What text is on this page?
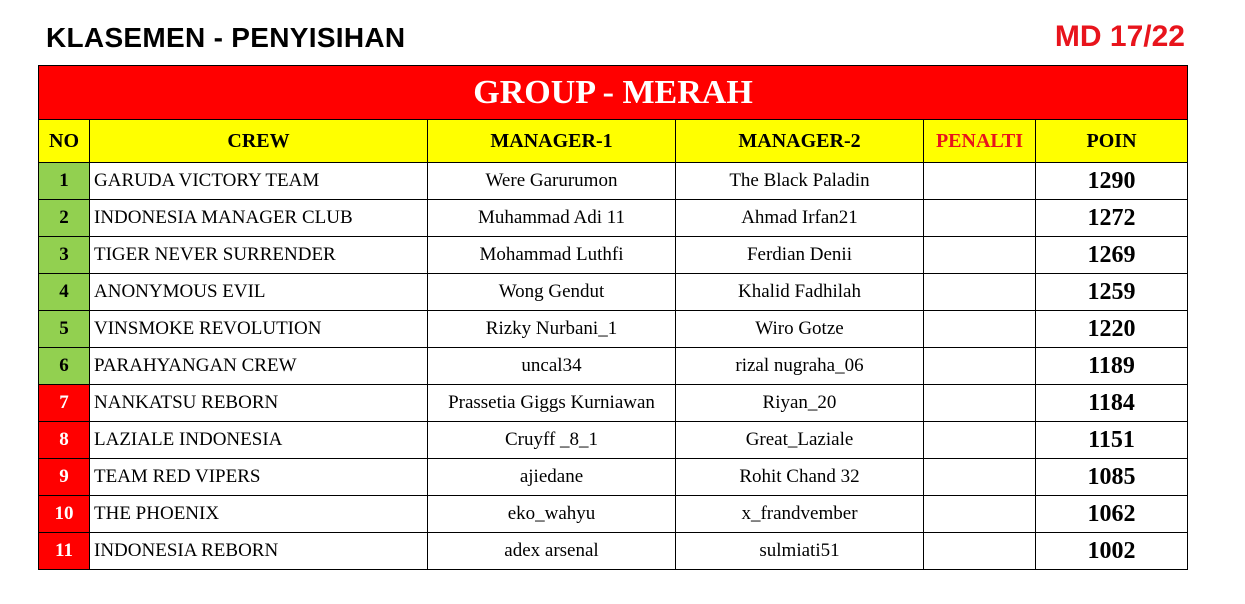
KLASEMEN - PENYISIHAN	MD 17/22
GROUP - MERAH					
NO	CREW	MANAGER-1	MANAGER-2	PENALTI	POIN
1	GARUDA VICTORY TEAM	Were Garurumon	The Black Paladin		1290
2	INDONESIA MANAGER CLUB	Muhammad Adi 11	Ahmad Irfan21		1272
3	TIGER NEVER SURRENDER	Mohammad Luthfi	Ferdian Denii		1269
4	ANONYMOUS EVIL	Wong Gendut	Khalid Fadhilah		1259
5	VINSMOKE REVOLUTION	Rizky Nurbani_1	Wiro Gotze		1220
6	PARAHYANGAN CREW	uncal34	rizal nugraha_06		1189
7	NANKATSU REBORN	Prassetia Giggs Kurniawan	Riyan_20		1184
8	LAZIALE INDONESIA	Cruyff _8_1	Great_Laziale		1151
9	TEAM RED VIPERS	ajiedane	Rohit Chand 32		1085
10	THE PHOENIX	eko_wahyu	x_frandvember		1062
11	INDONESIA REBORN	adex arsenal	sulmiati51		1002
